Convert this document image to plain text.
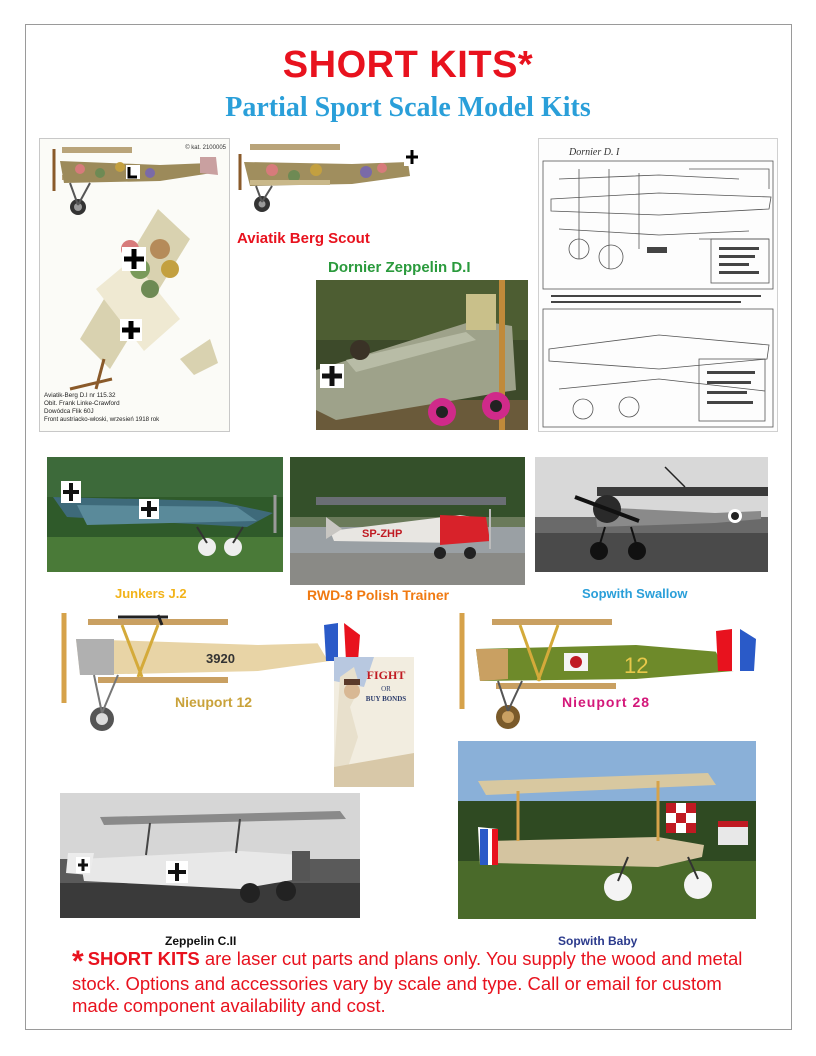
SHORT KITS*
Partial Sport Scale Model Kits
© kat. 2100005
Aviatik-Berg D.I nr 115.32
Obit. Frank Linke-Crawford
Dowódca Flik 60J
Front austriacko-włoski, wrzesień 1918 rok
Aviatik Berg Scout
Dornier Zeppelin D.I
Dornier D. I
SP-ZHP
Junkers J.2	RWD-8 Polish Trainer	Sopwith Swallow
3920
Nieuport 12
FIGHT
OR
BUY BONDS
12
Nieuport 28
Zeppelin C.II	Sopwith Baby
* SHORT KITS are laser cut parts and plans only. You supply the wood and metal stock. Options and accessories vary by scale and type. Call or email for custom made component availability and cost.
